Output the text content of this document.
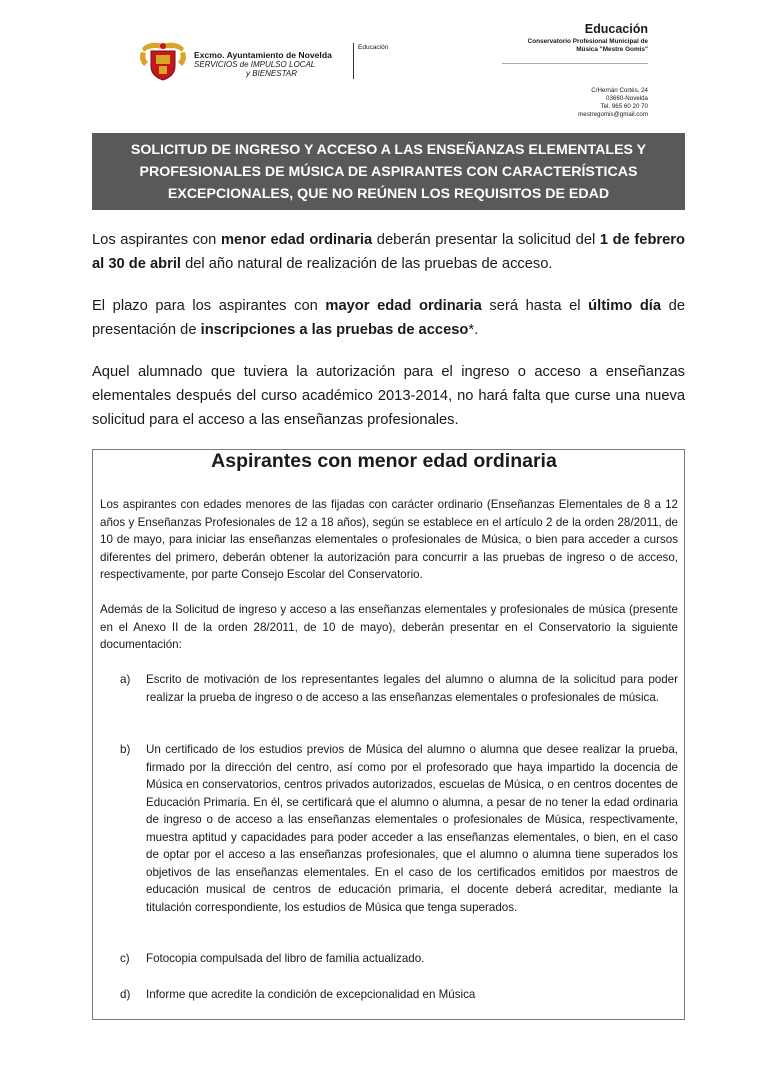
Excmo. Ayuntamiento de Novelda
SERVICIOS de IMPULSO LOCAL
y BIENESTAR
Educación
Educación
Conservatorio Profesional Municipal de
Música "Mestre Gomis"
C/Hernán Cortés, 24
03660-Novelda
Tel. 965 60 20 70
mestregomis@gmail.com
SOLICITUD DE INGRESO Y ACCESO A LAS ENSEÑANZAS ELEMENTALES Y
PROFESIONALES DE MÚSICA DE ASPIRANTES CON CARACTERÍSTICAS
EXCEPCIONALES, QUE NO REÚNEN LOS REQUISITOS DE EDAD
Los aspirantes con menor edad ordinaria deberán presentar la solicitud del 1 de febrero al 30 de abril del año natural de realización de las pruebas de acceso.
El plazo para los aspirantes con mayor edad ordinaria será hasta el último día de presentación de inscripciones a las pruebas de acceso*.
Aquel alumnado que tuviera la autorización para el ingreso o acceso a enseñanzas elementales después del curso académico 2013-2014, no hará falta que curse una nueva solicitud para el acceso a las enseñanzas profesionales.
Aspirantes con menor edad ordinaria
Los aspirantes con edades menores de las fijadas con carácter ordinario (Enseñanzas Elementales de 8 a 12 años y Enseñanzas Profesionales de 12 a 18 años), según se establece en el artículo 2 de la orden 28/2011, de 10 de mayo, para iniciar las enseñanzas elementales o profesionales de Música, o bien para acceder a cursos diferentes del primero, deberán obtener la autorización para concurrir a las pruebas de ingreso o de acceso, respectivamente, por parte Consejo Escolar del Conservatorio.
Además de la Solicitud de ingreso y acceso a las enseñanzas elementales y profesionales de música (presente en el Anexo II de la orden 28/2011, de 10 de mayo), deberán presentar en el Conservatorio la siguiente documentación:
a)	Escrito de motivación de los representantes legales del alumno o alumna de la solicitud para poder realizar la prueba de ingreso o de acceso a las enseñanzas elementales o profesionales de música.
b)	Un certificado de los estudios previos de Música del alumno o alumna que desee realizar la prueba, firmado por la dirección del centro, así como por el profesorado que haya impartido la docencia de Música en conservatorios, centros privados autorizados, escuelas de Música, o en centros docentes de Educación Primaria. En él, se certificará que el alumno o alumna, a pesar de no tener la edad ordinaria de ingreso o de acceso a las enseñanzas elementales o profesionales de Música, respectivamente, muestra aptitud y capacidades para poder acceder a las enseñanzas elementales, o bien, en el caso de optar por el acceso a las enseñanzas profesionales, que el alumno o alumna tiene superados los objetivos de las enseñanzas elementales. En el caso de los certificados emitidos por maestros de educación musical de centros de educación primaria, el docente deberá acreditar, mediante la titulación correspondiente, los estudios de Música que tenga superados.
c)	Fotocopia compulsada del libro de familia actualizado.
d)	Informe que acredite la condición de excepcionalidad en Música
